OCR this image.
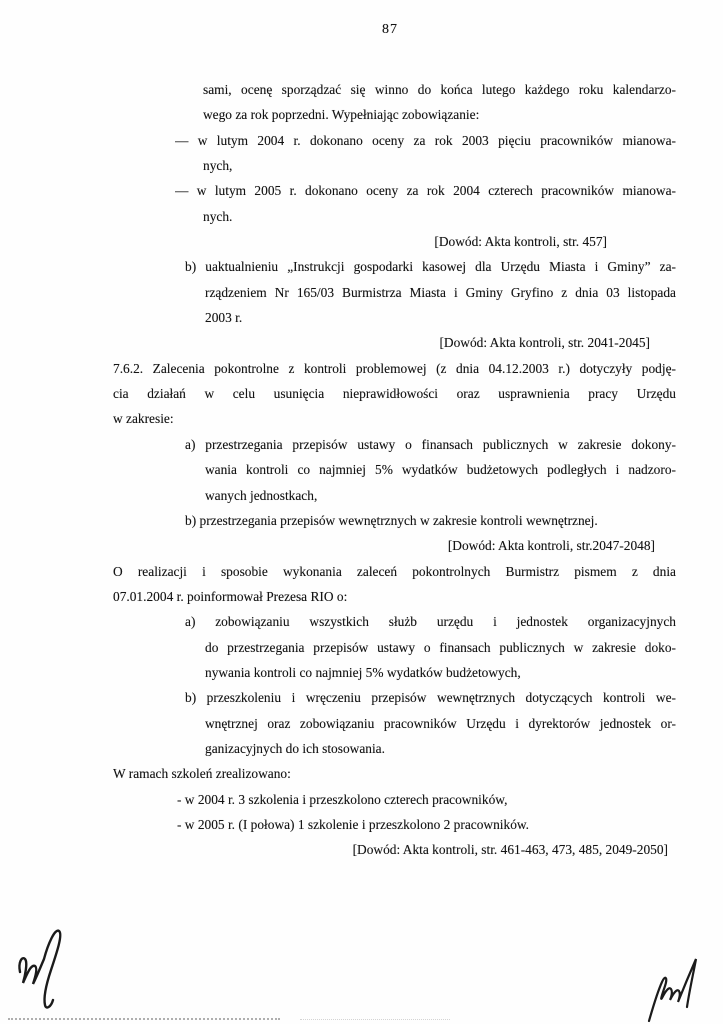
87
sami, ocenę sporządzać się winno do końca lutego każdego roku kalendarzo-
wego za rok poprzedni. Wypełniając zobowiązanie:
— w lutym 2004 r. dokonano oceny za rok 2003 pięciu pracowników mianowa-
nych,
— w lutym 2005 r. dokonano oceny za rok 2004 czterech pracowników mianowa-
nych.
[Dowód: Akta kontroli, str. 457]
b) uaktualnieniu „Instrukcji gospodarki kasowej dla Urzędu Miasta i Gminy” za-
rządzeniem Nr 165/03 Burmistrza Miasta i Gminy Gryfino z dnia 03 listopada
2003 r.
[Dowód: Akta kontroli, str. 2041-2045]
7.6.2. Zalecenia pokontrolne z kontroli problemowej (z dnia 04.12.2003 r.) dotyczyły podję-
cia działań w celu usunięcia nieprawidłowości oraz usprawnienia pracy Urzędu
w zakresie:
a) przestrzegania przepisów ustawy o finansach publicznych w zakresie dokony-
wania kontroli co najmniej 5% wydatków budżetowych podległych i nadzoro-
wanych jednostkach,
b) przestrzegania przepisów wewnętrznych w zakresie kontroli wewnętrznej.
[Dowód: Akta kontroli, str.2047-2048]
O realizacji i sposobie wykonania zaleceń pokontrolnych Burmistrz pismem z dnia
07.01.2004 r. poinformował Prezesa RIO o:
a) zobowiązaniu wszystkich służb urzędu i jednostek organizacyjnych
do przestrzegania przepisów ustawy o finansach publicznych w zakresie doko-
nywania kontroli co najmniej 5% wydatków budżetowych,
b) przeszkoleniu i wręczeniu przepisów wewnętrznych dotyczących kontroli we-
wnętrznej oraz zobowiązaniu pracowników Urzędu i dyrektorów jednostek or-
ganizacyjnych do ich stosowania.
W ramach szkoleń zrealizowano:
- w 2004 r. 3 szkolenia i przeszkolono czterech pracowników,
- w 2005 r. (I połowa) 1 szkolenie i przeszkolono 2 pracowników.
[Dowód: Akta kontroli, str. 461-463, 473, 485, 2049-2050]
